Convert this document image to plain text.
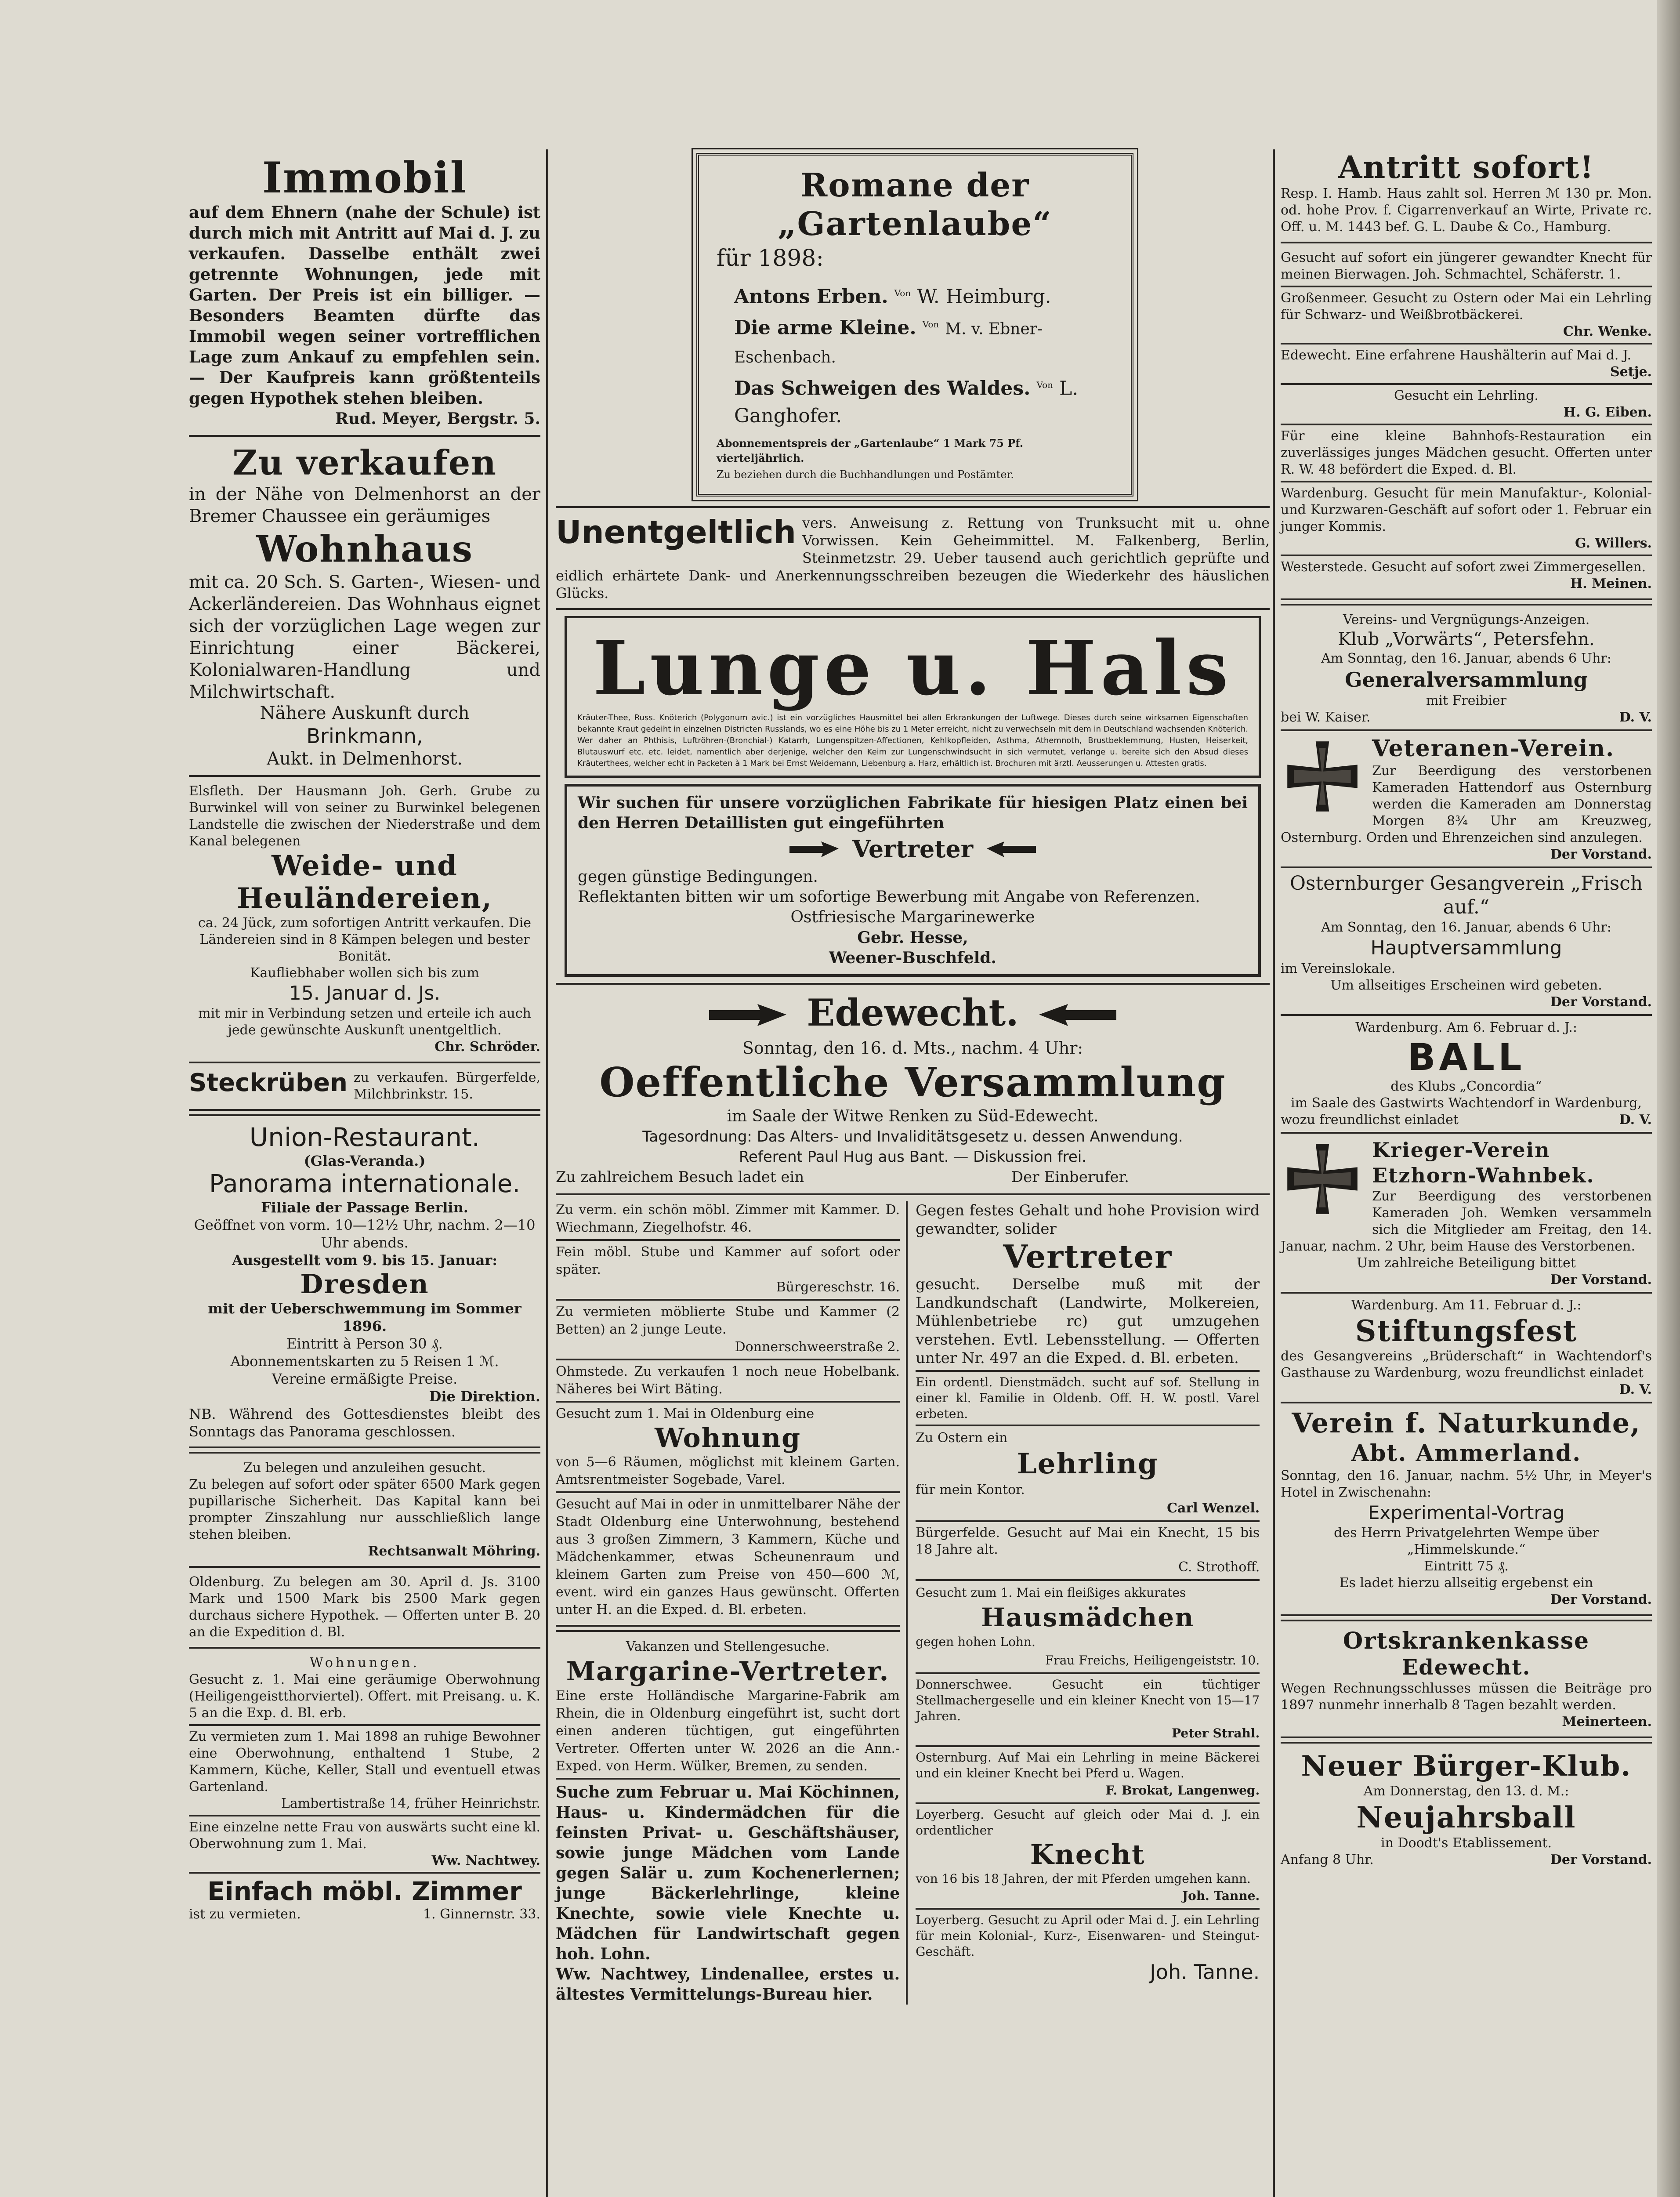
Immobil
auf dem Ehnern (nahe der Schule) ist durch mich mit Antritt auf Mai d. J. zu verkaufen. Dasselbe enthält zwei getrennte Wohnungen, jede mit Garten. Der Preis ist ein billiger. — Besonders Beamten dürfte das Immobil wegen seiner vortrefflichen Lage zum Ankauf zu empfehlen sein. — Der Kaufpreis kann größtenteils gegen Hypothek stehen bleiben.
Rud. Meyer, Bergstr. 5.
Zu verkaufen
in der Nähe von Delmenhorst an der Bremer Chaussee ein geräumiges
Wohnhaus
mit ca. 20 Sch. S. Garten-, Wiesen- und Ackerländereien. Das Wohnhaus eignet sich der vorzüglichen Lage wegen zur Einrichtung einer Bäckerei, Kolonialwaren-Handlung und Milchwirtschaft.
Nähere Auskunft durch
Brinkmann,
Aukt. in Delmenhorst.
Elsfleth. Der Hausmann Joh. Gerh. Grube zu Burwinkel will von seiner zu Burwinkel belegenen Landstelle die zwischen der Niederstraße und dem Kanal belegenen
Weide- und Heuländereien,
ca. 24 Jück, zum sofortigen Antritt verkaufen. Die Ländereien sind in 8 Kämpen belegen und bester Bonität.
Kaufliebhaber wollen sich bis zum
15. Januar d. Js.
mit mir in Verbindung setzen und erteile ich auch jede gewünschte Auskunft unentgeltlich.
Chr. Schröder.
Steckrüben zu verkaufen. Bürgerfelde, Milchbrinkstr. 15.
Union-Restaurant.
(Glas-Veranda.)
Panorama internationale.
Filiale der Passage Berlin.
Geöffnet von vorm. 10—12½ Uhr, nachm. 2—10 Uhr abends.
Ausgestellt vom 9. bis 15. Januar:
Dresden
mit der Ueberschwemmung im Sommer 1896.
Eintritt à Person 30 ₰.
Abonnementskarten zu 5 Reisen 1 ℳ.
Vereine ermäßigte Preise.
Die Direktion.
NB. Während des Gottesdienstes bleibt des Sonntags das Panorama geschlossen.
Zu belegen und anzuleihen gesucht.
Zu belegen auf sofort oder später 6500 Mark gegen pupillarische Sicherheit. Das Kapital kann bei prompter Zinszahlung nur ausschließlich lange stehen bleiben.
Rechtsanwalt Möhring.
Oldenburg. Zu belegen am 30. April d. Js. 3100 Mark und 1500 Mark bis 2500 Mark gegen durchaus sichere Hypothek. — Offerten unter B. 20 an die Expedition d. Bl.
Wohnungen.
Gesucht z. 1. Mai eine geräumige Oberwohnung (Heiligengeistthorviertel). Offert. mit Preisang. u. K. 5 an die Exp. d. Bl. erb.
Zu vermieten zum 1. Mai 1898 an ruhige Bewohner eine Oberwohnung, enthaltend 1 Stube, 2 Kammern, Küche, Keller, Stall und eventuell etwas Gartenland.
Lambertistraße 14, früher Heinrichstr.
Eine einzelne nette Frau von auswärts sucht eine kl. Oberwohnung zum 1. Mai.
Ww. Nachtwey.
Einfach möbl. Zimmer
ist zu vermieten.	1. Ginnernstr. 33.
Romane der „Gartenlaube“
für 1898:
Antons Erben. $^{Von}$ W. Heimburg.
Die arme Kleine. $^{Von}$ M. v. Ebner-Eschenbach.
Das Schweigen des Waldes. $^{Von}$ L. Ganghofer.
Abonnementspreis der „Gartenlaube“ 1 Mark 75 Pf. vierteljährlich.
Zu beziehen durch die Buchhandlungen und Postämter.
Unentgeltlich vers. Anweisung z. Rettung von Trunksucht mit u. ohne Vorwissen. Kein Geheimmittel. M. Falkenberg, Berlin, Steinmetzstr. 29. Ueber tausend auch gerichtlich geprüfte und eidlich erhärtete Dank- und Anerkennungsschreiben bezeugen die Wiederkehr des häuslichen Glücks.
Lunge u. Hals
Kräuter-Thee, Russ. Knöterich (Polygonum avic.) ist ein vorzügliches Hausmittel bei allen Erkrankungen der Luftwege. Dieses durch seine wirksamen Eigenschaften bekannte Kraut gedeiht in einzelnen Districten Russlands, wo es eine Höhe bis zu 1 Meter erreicht, nicht zu verwechseln mit dem in Deutschland wachsenden Knöterich. Wer daher an Phthisis, Luftröhren-(Bronchial-) Katarrh, Lungenspitzen-Affectionen, Kehlkopfleiden, Asthma, Athemnoth, Brustbeklemmung, Husten, Heiserkeit, Blutauswurf etc. etc. leidet, namentlich aber derjenige, welcher den Keim zur Lungenschwindsucht in sich vermutet, verlange u. bereite sich den Absud dieses Kräuterthees, welcher echt in Packeten à 1 Mark bei Ernst Weidemann, Liebenburg a. Harz, erhältlich ist. Brochuren mit ärztl. Aeusserungen u. Attesten gratis.
Wir suchen für unsere vorzüglichen Fabrikate für hiesigen Platz einen bei den Herren Detaillisten gut eingeführten
Vertreter
gegen günstige Bedingungen.
Reflektanten bitten wir um sofortige Bewerbung mit Angabe von Referenzen.
Ostfriesische Margarinewerke
Gebr. Hesse,
Weener-Buschfeld.
Edewecht.
Sonntag, den 16. d. Mts., nachm. 4 Uhr:
Oeffentliche Versammlung
im Saale der Witwe Renken zu Süd-Edewecht.
Tagesordnung: Das Alters- und Invaliditätsgesetz u. dessen Anwendung.
Referent Paul Hug aus Bant. — Diskussion frei.
Zu zahlreichem Besuch ladet ein	Der Einberufer.
Zu verm. ein schön möbl. Zimmer mit Kammer. D. Wiechmann, Ziegelhofstr. 46.
Fein möbl. Stube und Kammer auf sofort oder später.
Bürgereschstr. 16.
Zu vermieten möblierte Stube und Kammer (2 Betten) an 2 junge Leute.
Donnerschweerstraße 2.
Ohmstede. Zu verkaufen 1 noch neue Hobelbank. Näheres bei Wirt Bäting.
Gesucht zum 1. Mai in Oldenburg eine
Wohnung
von 5—6 Räumen, möglichst mit kleinem Garten. Amtsrentmeister Sogebade, Varel.
Gesucht auf Mai in oder in unmittelbarer Nähe der Stadt Oldenburg eine Unterwohnung, bestehend aus 3 großen Zimmern, 3 Kammern, Küche und Mädchenkammer, etwas Scheunenraum und kleinem Garten zum Preise von 450—600 ℳ, event. wird ein ganzes Haus gewünscht. Offerten unter H. an die Exped. d. Bl. erbeten.
Vakanzen und Stellengesuche.
Margarine-Vertreter.
Eine erste Holländische Margarine-Fabrik am Rhein, die in Oldenburg eingeführt ist, sucht dort einen anderen tüchtigen, gut eingeführten Vertreter. Offerten unter W. 2026 an die Ann.-Exped. von Herm. Wülker, Bremen, zu senden.
Suche zum Februar u. Mai Köchinnen, Haus- u. Kindermädchen für die feinsten Privat- u. Geschäftshäuser, sowie junge Mädchen vom Lande gegen Salär u. zum Kochenerlernen; junge Bäckerlehrlinge, kleine Knechte, sowie viele Knechte u. Mädchen für Landwirtschaft gegen hoh. Lohn.
Ww. Nachtwey, Lindenallee, erstes u. ältestes Vermittelungs-Bureau hier.
Gegen festes Gehalt und hohe Provision wird gewandter, solider
Vertreter
gesucht. Derselbe muß mit der Landkundschaft (Landwirte, Molkereien, Mühlenbetriebe rc) gut umzugehen verstehen. Evtl. Lebensstellung. — Offerten unter Nr. 497 an die Exped. d. Bl. erbeten.
Ein ordentl. Dienstmädch. sucht auf sof. Stellung in einer kl. Familie in Oldenb. Off. H. W. postl. Varel erbeten.
Zu Ostern ein
Lehrling
für mein Kontor.
Carl Wenzel.
Bürgerfelde. Gesucht auf Mai ein Knecht, 15 bis 18 Jahre alt.
C. Strothoff.
Gesucht zum 1. Mai ein fleißiges akkurates
Hausmädchen
gegen hohen Lohn.
Frau Freichs, Heiligengeiststr. 10.
Donnerschwee. Gesucht ein tüchtiger Stellmachergeselle und ein kleiner Knecht von 15—17 Jahren.
Peter Strahl.
Osternburg. Auf Mai ein Lehrling in meine Bäckerei und ein kleiner Knecht bei Pferd u. Wagen.
F. Brokat, Langenweg.
Loyerberg. Gesucht auf gleich oder Mai d. J. ein ordentlicher
Knecht
von 16 bis 18 Jahren, der mit Pferden umgehen kann.
Joh. Tanne.
Loyerberg. Gesucht zu April oder Mai d. J. ein Lehrling für mein Kolonial-, Kurz-, Eisenwaren- und Steingut-Geschäft.
Joh. Tanne.
Antritt sofort!
Resp. I. Hamb. Haus zahlt sol. Herren ℳ 130 pr. Mon. od. hohe Prov. f. Cigarrenverkauf an Wirte, Private rc. Off. u. M. 1443 bef. G. L. Daube & Co., Hamburg.
Gesucht auf sofort ein jüngerer gewandter Knecht für meinen Bierwagen. Joh. Schmachtel, Schäferstr. 1.
Großenmeer. Gesucht zu Ostern oder Mai ein Lehrling für Schwarz- und Weißbrotbäckerei.
Chr. Wenke.
Edewecht. Eine erfahrene Haushälterin auf Mai d. J.
Setje.
Gesucht ein Lehrling.
H. G. Eiben.
Für eine kleine Bahnhofs-Restauration ein zuverlässiges junges Mädchen gesucht. Offerten unter R. W. 48 befördert die Exped. d. Bl.
Wardenburg. Gesucht für mein Manufaktur-, Kolonial- und Kurzwaren-Geschäft auf sofort oder 1. Februar ein junger Kommis.
G. Willers.
Westerstede. Gesucht auf sofort zwei Zimmergesellen.
H. Meinen.
Vereins- und Vergnügungs-Anzeigen.
Klub „Vorwärts“, Petersfehn.
Am Sonntag, den 16. Januar, abends 6 Uhr:
Generalversammlung
mit Freibier
bei W. Kaiser.	D. V.
Veteranen-Verein.
Zur Beerdigung des verstorbenen Kameraden Hattendorf aus Osternburg werden die Kameraden am Donnerstag Morgen 8¾ Uhr am Kreuzweg, Osternburg. Orden und Ehrenzeichen sind anzulegen.
Der Vorstand.
Osternburger Gesangverein „Frisch auf.“
Am Sonntag, den 16. Januar, abends 6 Uhr:
Hauptversammlung
im Vereinslokale.
Um allseitiges Erscheinen wird gebeten.
Der Vorstand.
Wardenburg. Am 6. Februar d. J.:
BALL
des Klubs „Concordia“
im Saale des Gastwirts Wachtendorf in Wardenburg,
wozu freundlichst einladet	D. V.
Krieger-Verein Etzhorn-Wahnbek.
Zur Beerdigung des verstorbenen Kameraden Joh. Wemken versammeln sich die Mitglieder am Freitag, den 14. Januar, nachm. 2 Uhr, beim Hause des Verstorbenen.
Um zahlreiche Beteiligung bittet
Der Vorstand.
Wardenburg. Am 11. Februar d. J.:
Stiftungsfest
des Gesangvereins „Brüderschaft“ in Wachtendorf's Gasthause zu Wardenburg, wozu freundlichst einladet
D. V.
Verein f. Naturkunde,
Abt. Ammerland.
Sonntag, den 16. Januar, nachm. 5½ Uhr, in Meyer's Hotel in Zwischenahn:
Experimental-Vortrag
des Herrn Privatgelehrten Wempe über „Himmelskunde.“
Eintritt 75 ₰.
Es ladet hierzu allseitig ergebenst ein
Der Vorstand.
Ortskrankenkasse
Edewecht.
Wegen Rechnungsschlusses müssen die Beiträge pro 1897 nunmehr innerhalb 8 Tagen bezahlt werden.
Meinerteen.
Neuer Bürger-Klub.
Am Donnerstag, den 13. d. M.:
Neujahrsball
in Doodt's Etablissement.
Anfang 8 Uhr.	Der Vorstand.
